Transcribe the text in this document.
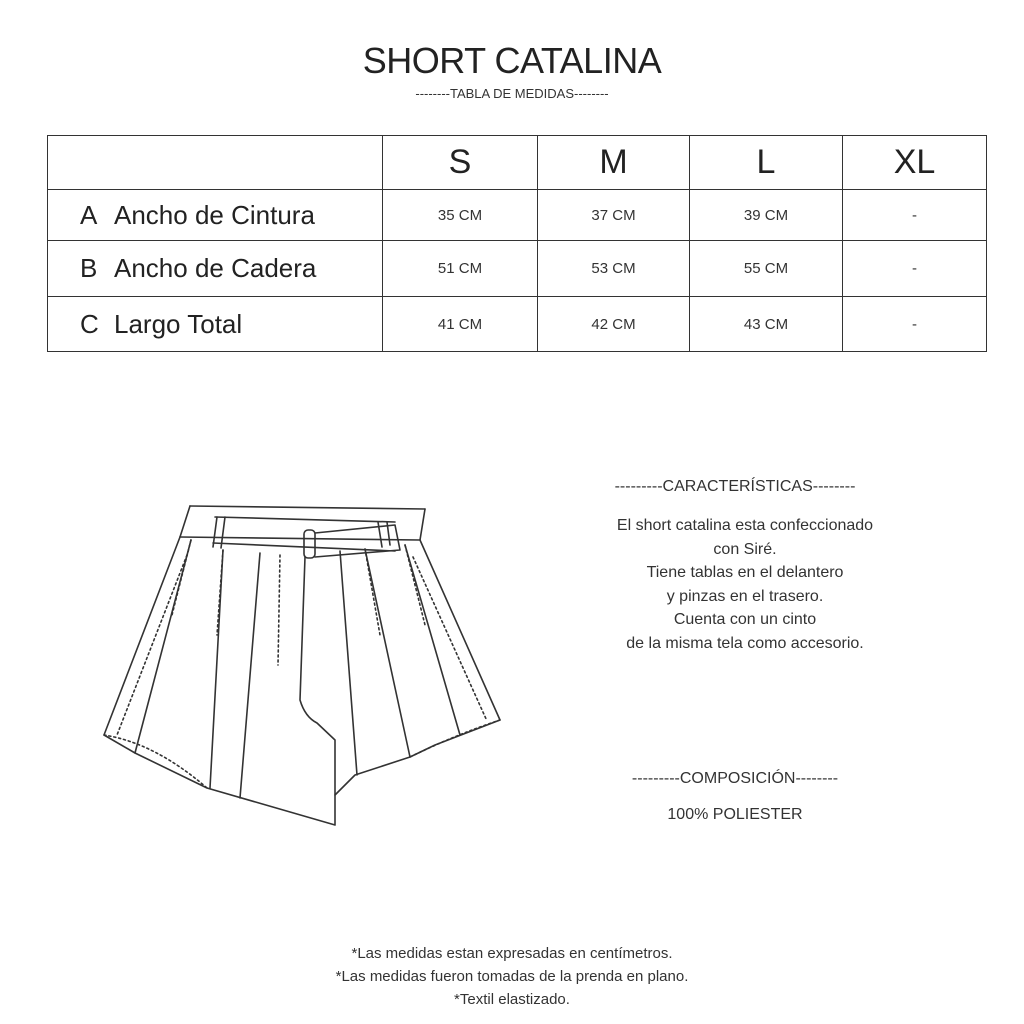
SHORT CATALINA
--------TABLA DE MEDIDAS--------
	S	M	L	XL
A Ancho de Cintura	35 CM	37 CM	39 CM	-
B Ancho de Cadera	51 CM	53 CM	55 CM	-
C Largo Total	41 CM	42 CM	43 CM	-
---------CARACTERÍSTICAS--------
El short catalina esta confeccionado
con Siré.
Tiene tablas en el delantero
y pinzas en el trasero.
Cuenta con un cinto
de la misma tela como accesorio.
---------COMPOSICIÓN--------
100% POLIESTER
*Las medidas estan expresadas en centímetros.
*Las medidas fueron tomadas de la prenda en plano.
*Textil elastizado.
